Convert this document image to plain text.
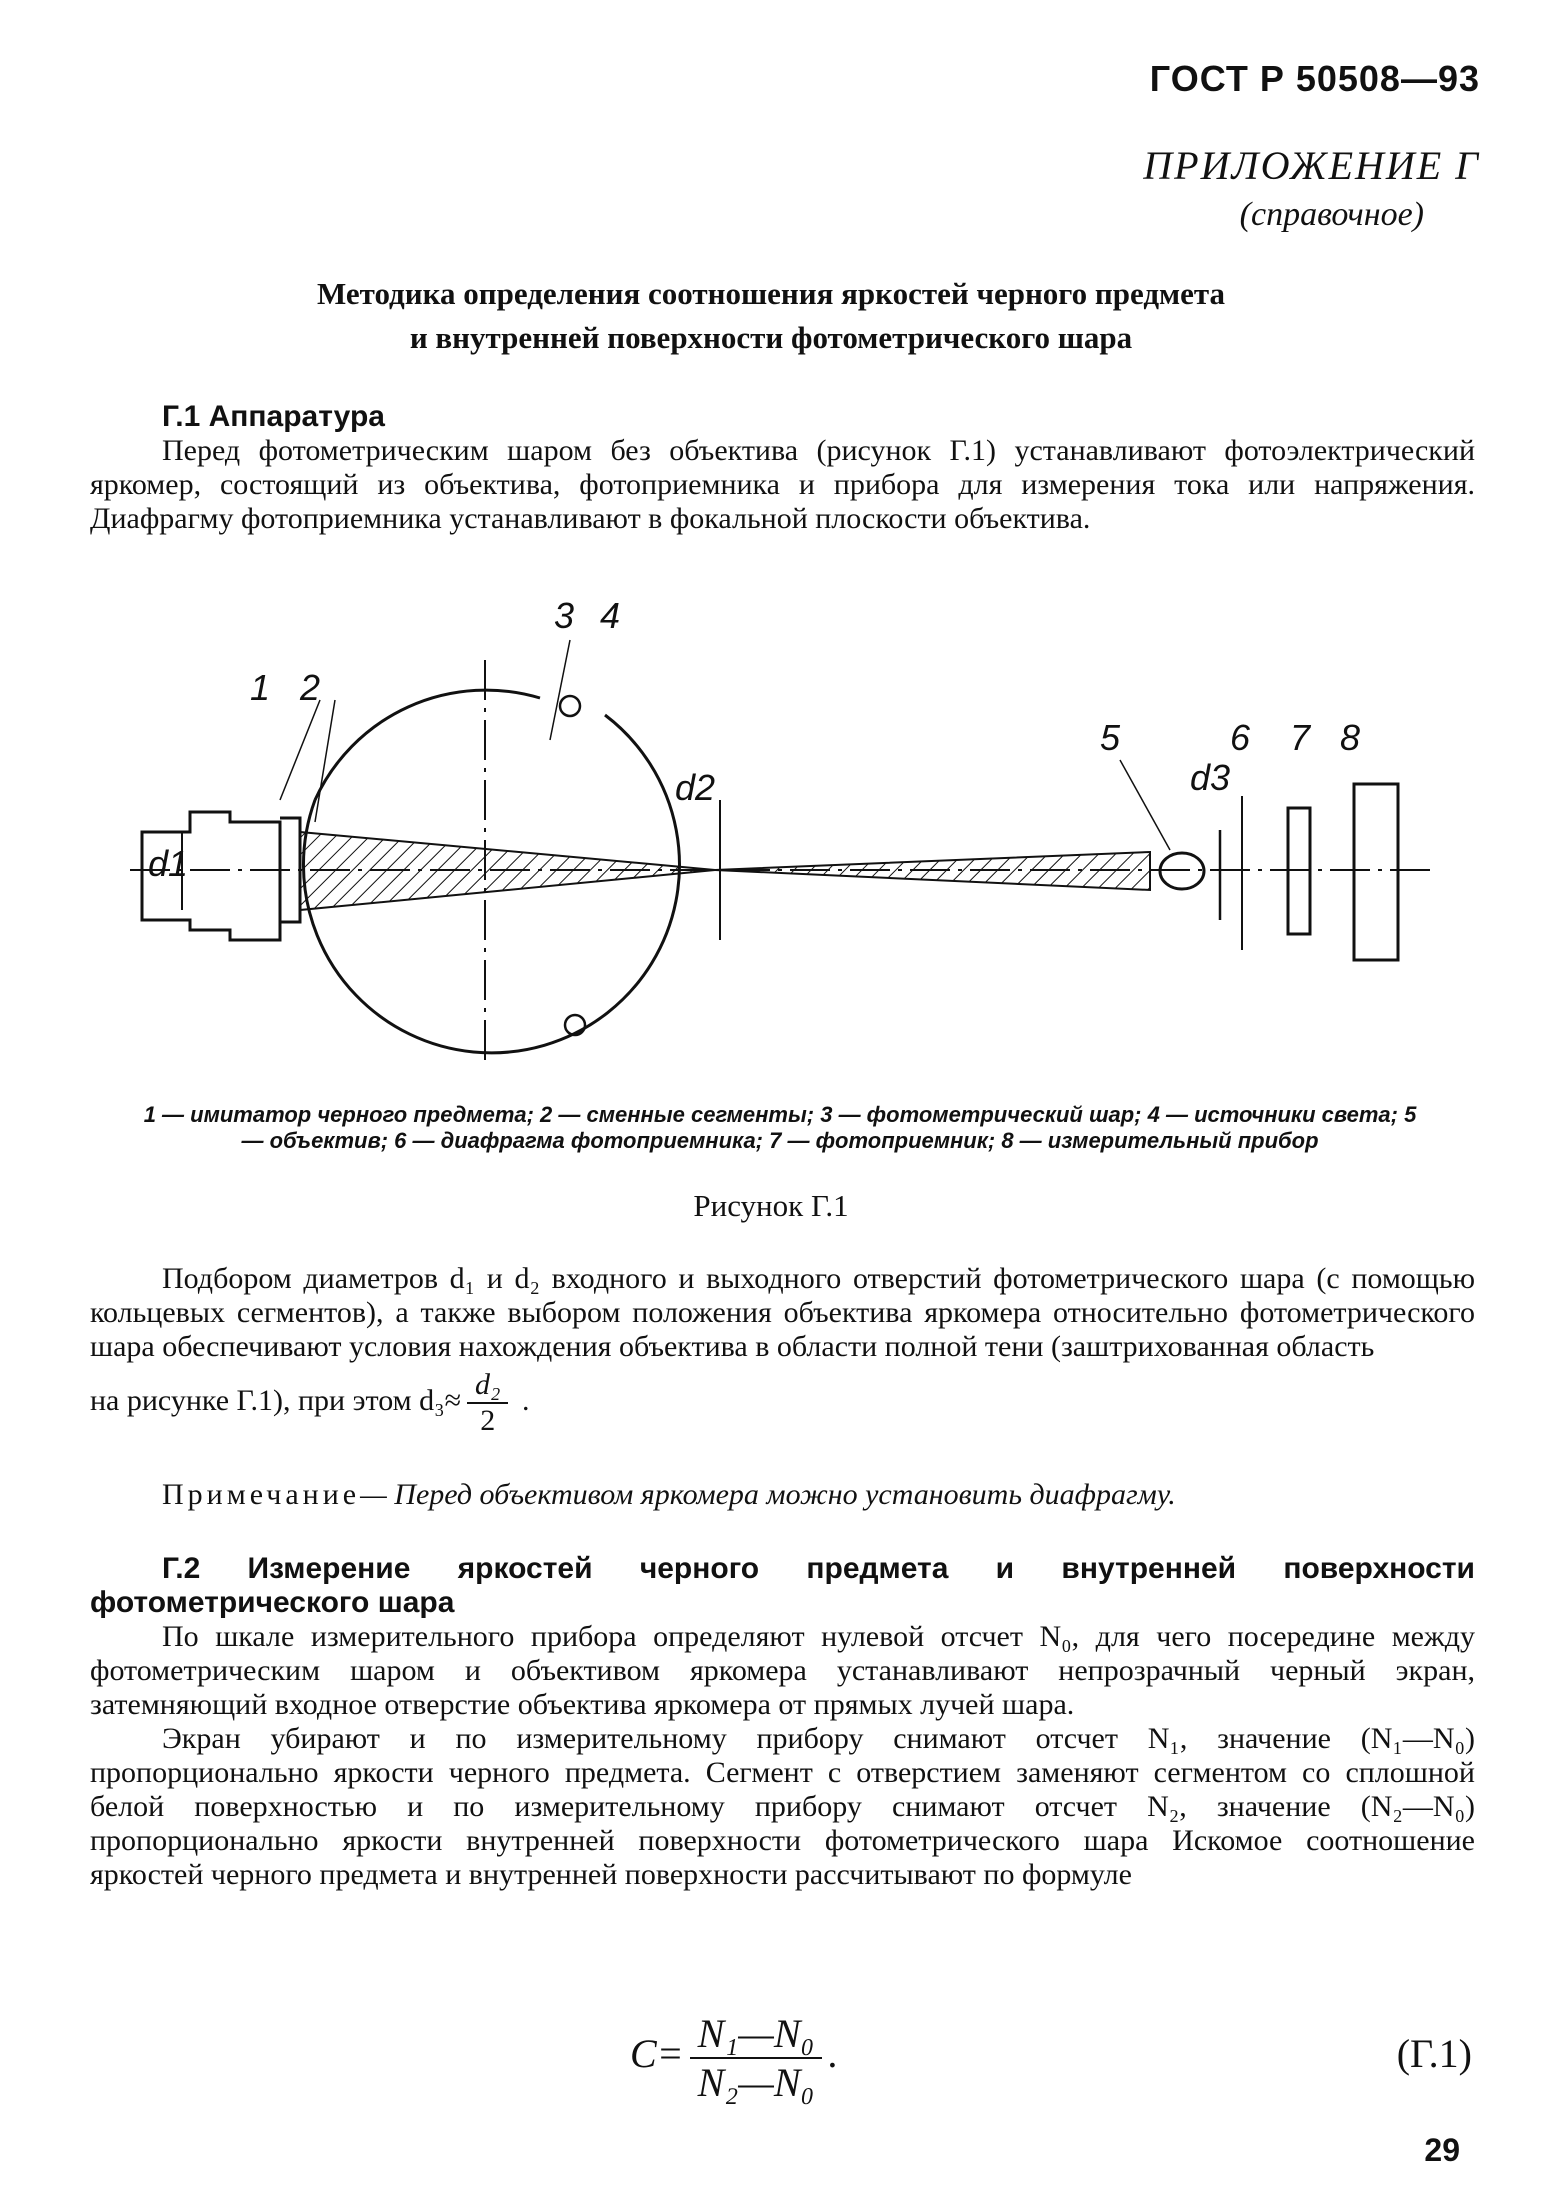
ГОСТ Р 50508—93
ПРИЛОЖЕНИЕ Г
(справочное)
Методика определения соотношения яркостей черного предмета
и внутренней поверхности фотометрического шара
Г.1 Аппаратура

Перед фотометрическим шаром без объектива (рисунок Г.1) устанавливают фотоэлектрический яркомер, состоящий из объектива, фотоприемника и прибора для измерения тока или напряжения. Диафрагму фотоприемника устанавливают в фокальной плоскости объектива.

1 2
3 4
5	6 7 8
d1
d2	d3
1 — имитатор черного предмета; 2 — сменные сегменты; 3 — фотометрический шар; 4 — источники света; 5 — объектив; 6 — диафрагма фотоприемника; 7 — фотоприемник; 8 — измерительный прибор
Рисунок Г.1

Подбором диаметров d₁ и d₂ входного и выходного отверстий фотометрического шара (с помощью кольцевых сегментов), а также выбором положения объектива яркомера относительно фотометрического шара обеспечивают условия нахождения объектива в области полной тени (заштрихованная область

на рисунке Г.1), при этом $d_3\approx \frac{\text{d₂}}{2}$ .
Примечание— Перед объективом яркомера можно установить диафрагму.
Г.2 Измерение яркостей черного предмета и внутренней поверхности фотометрического шара

По шкале измерительного прибора определяют нулевой отсчет N₀, для чего посередине между фотометрическим шаром и объективом яркомера устанавливают непрозрачный черный экран, затемняющий входное отверстие объектива яркомера от прямых лучей шара.

Экран убирают и по измерительному прибору снимают отсчет N₁, значение (N₁—N₀) пропорционально яркости черного предмета. Сегмент с отверстием заменяют сегментом со сплошной белой поверхностью и по измерительному прибору снимают отсчет N₂, значение (N₂—N₀) пропорционально яркости внутренней поверхности фотометрического шара Искомое соотношение яркостей черного предмета и внутренней поверхности рассчитывают по формуле

$C= \frac{\text{N₁—N₀}}{\text{N₂—N₀}}$ .	(Г.1)
29
